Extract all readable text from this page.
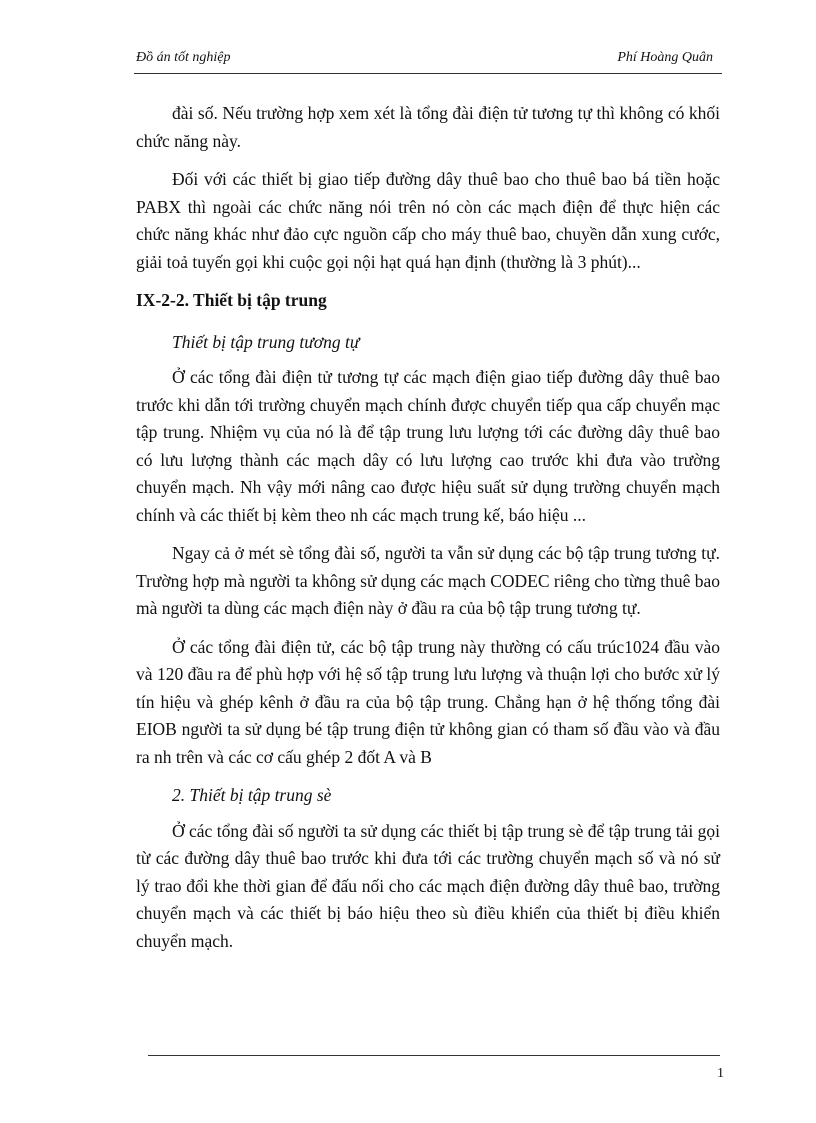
Đồ án tốt nghiệp	Phí Hoàng Quân

đài số. Nếu trường hợp xem xét là tổng đài điện tử tương tự thì không có khối chức năng này.

Đối với các thiết bị giao tiếp đường dây thuê bao cho thuê bao bá tiền hoặc PABX thì ngoài các chức năng nói trên nó còn các mạch điện để thực hiện các chức năng khác như đảo cực nguồn cấp cho máy thuê bao, chuyền dẫn xung cước, giải toả tuyến gọi khi cuộc gọi nội hạt quá hạn định (thường là 3 phút)...

IX-2-2. Thiết bị tập trung
Thiết bị tập trung tương tự

Ở các tổng đài điện tử tương tự các mạch điện giao tiếp đường dây thuê bao trước khi dẫn tới trường chuyển mạch chính được chuyển tiếp qua cấp chuyển mạc tập trung. Nhiệm vụ của nó là để tập trung lưu lượng tới các đường dây thuê bao có lưu lượng thành các mạch dây có lưu lượng cao trước khi đưa vào trường chuyển mạch. Nh vậy mới nâng cao được hiệu suất sử dụng trường chuyển mạch chính và các thiết bị kèm theo nh các mạch trung kế, báo hiệu ...

Ngay cả ở mét sè tổng đài số, người ta vẫn sử dụng các bộ tập trung tương tự. Trường hợp mà người ta không sử dụng các mạch CODEC riêng cho từng thuê bao mà người ta dùng các mạch điện này ở đầu ra của bộ tập trung tương tự.

Ở các tổng đài điện tử, các bộ tập trung này thường có cấu trúc1024 đầu vào và 120 đầu ra để phù hợp với hệ số tập trung lưu lượng và thuận lợi cho bước xử lý tín hiệu và ghép kênh ở đầu ra của bộ tập trung. Chẳng hạn ở hệ thống tổng đài EIOB người ta sử dụng bé tập trung điện tử không gian có tham số đầu vào và đầu ra nh trên và các cơ cấu ghép 2 đốt A và B

2. Thiết bị tập trung sè

Ở các tổng đài số người ta sử dụng các thiết bị tập trung sè để tập trung tải gọi từ các đường dây thuê bao trước khi đưa tới các trường chuyển mạch số và nó sử lý trao đổi khe thời gian để đấu nối cho các mạch điện đường dây thuê bao, trường chuyển mạch và các thiết bị báo hiệu theo sù điều khiển của thiết bị điều khiển chuyển mạch.

1
